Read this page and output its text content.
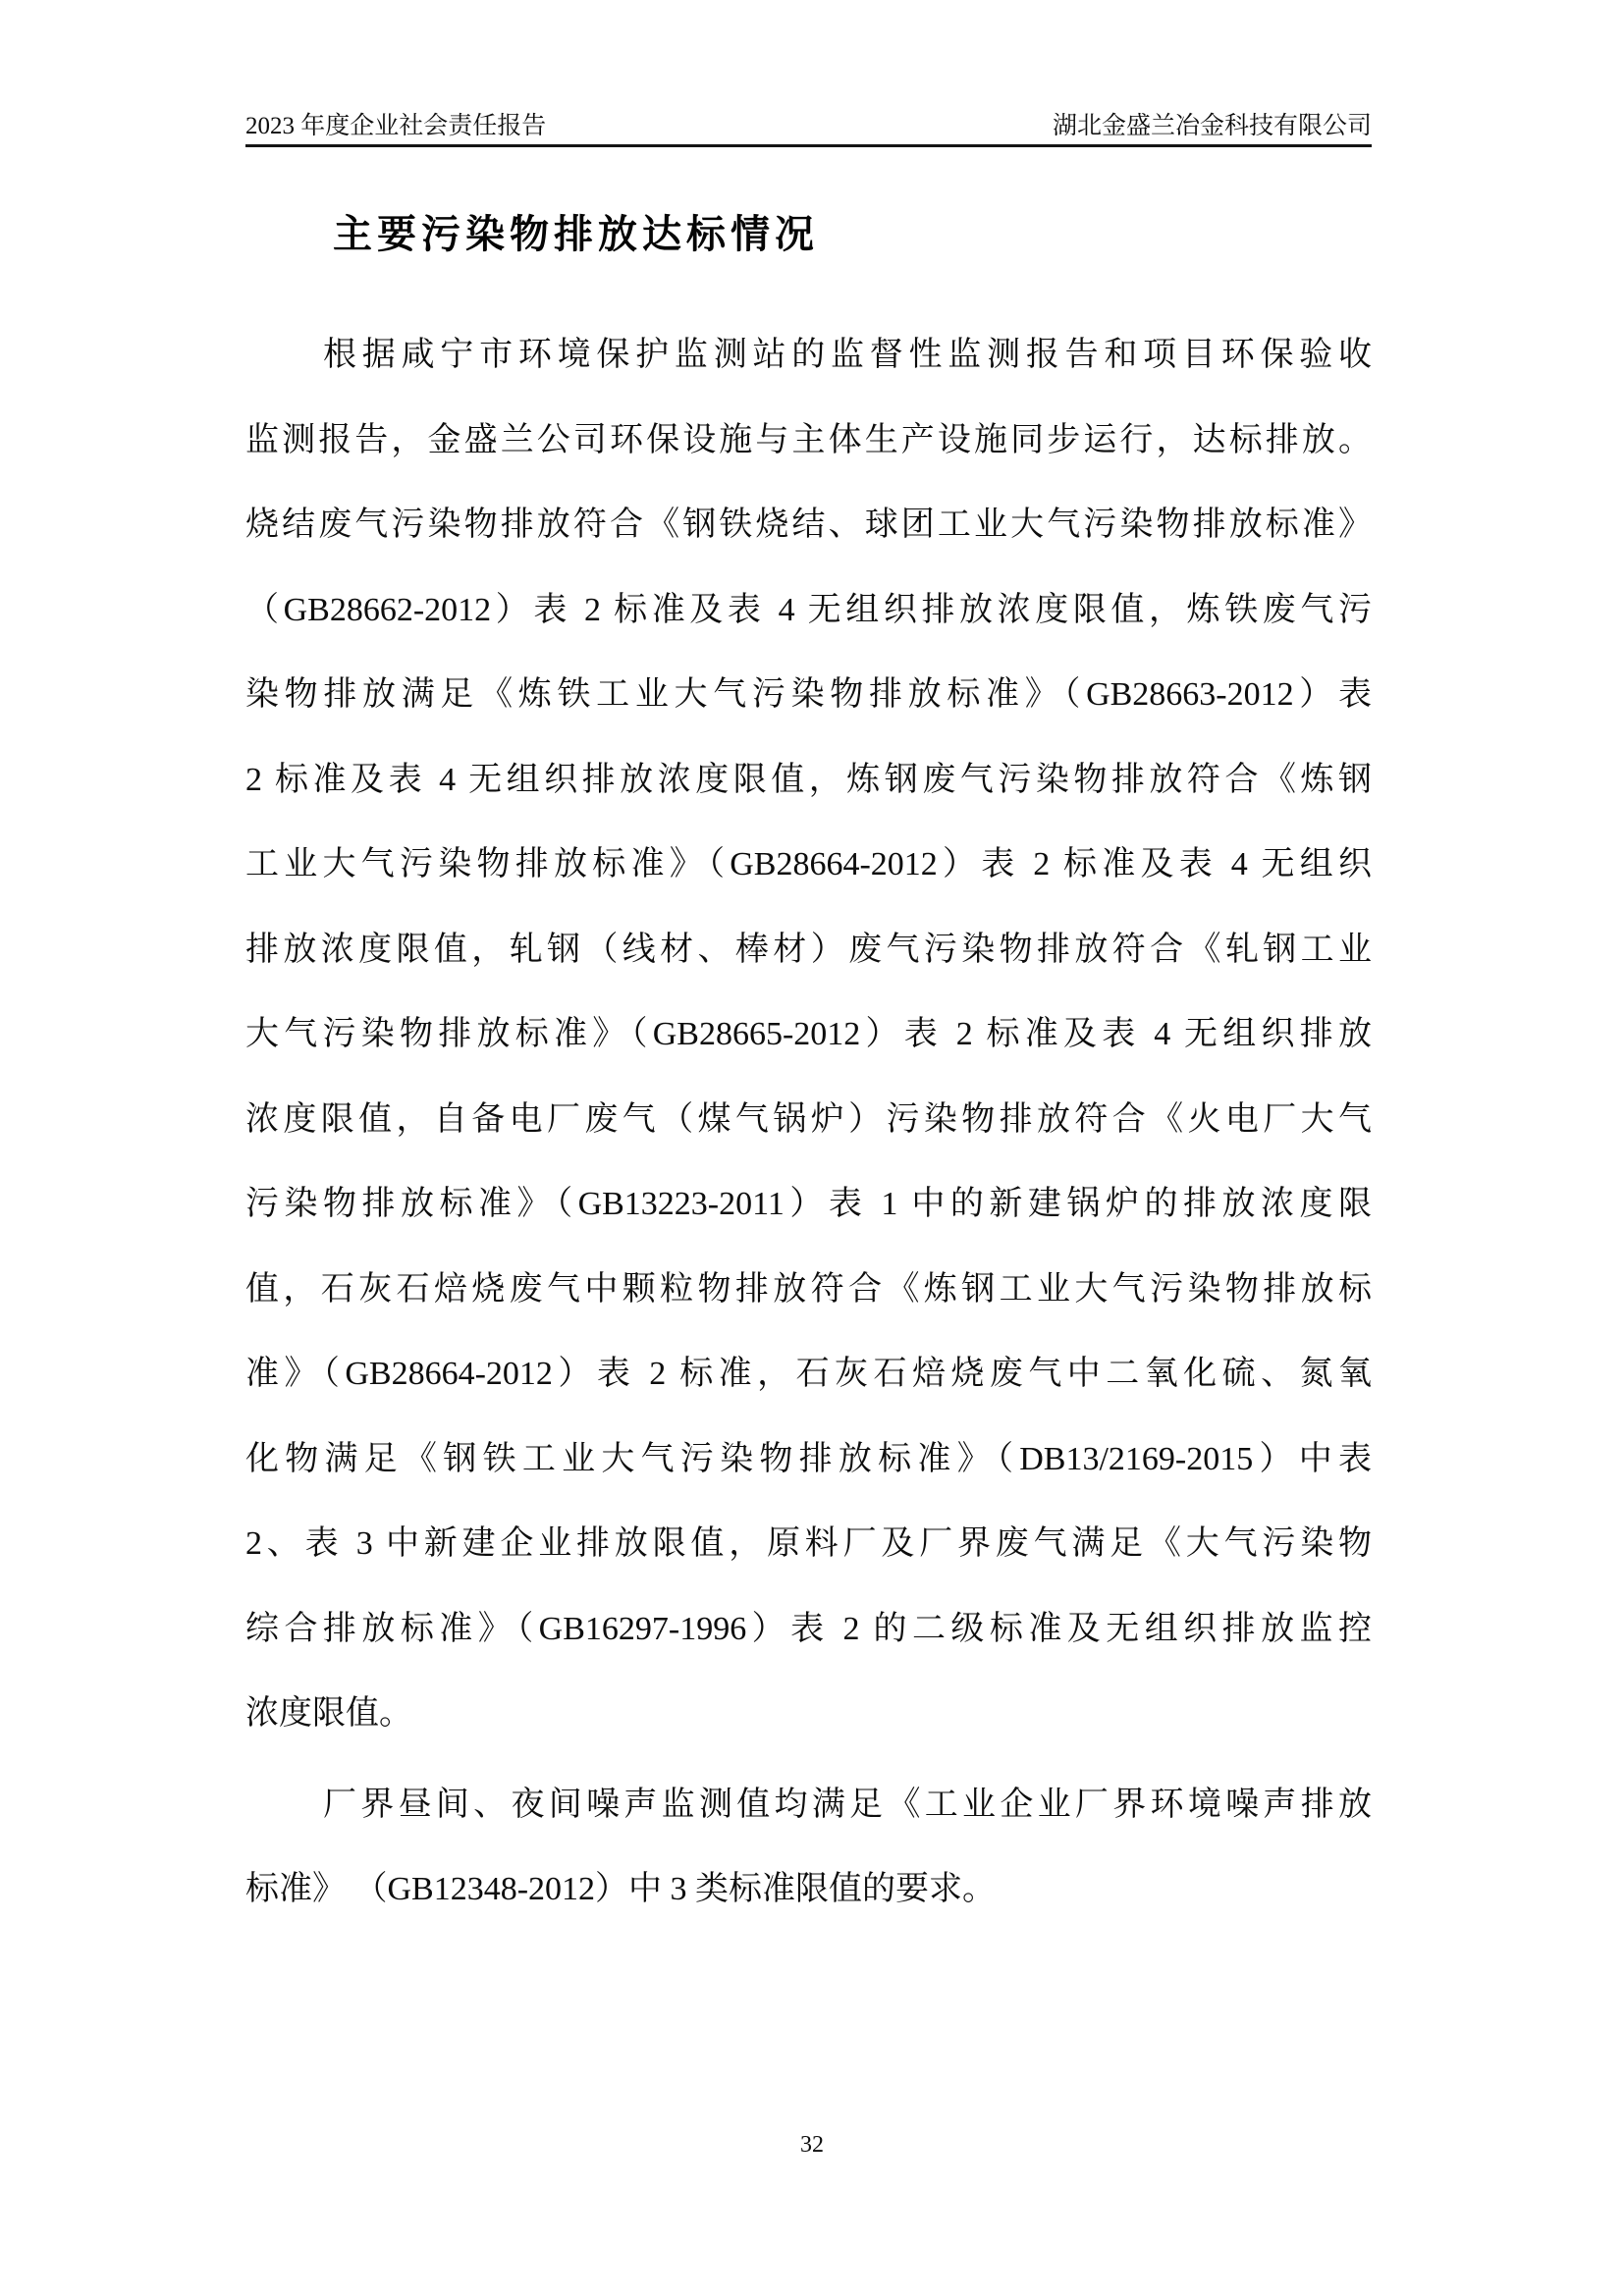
2023 年度企业社会责任报告	湖北金盛兰冶金科技有限公司
主要污染物排放达标情况
根据咸宁市环境保护监测站的监督性监测报告和项目环保验收
监测报告，金盛兰公司环保设施与主体生产设施同步运行，达标排放。
烧结废气污染物排放符合《钢铁烧结、球团工业大气污染物排放标准》
（GB28662-2012）表 2 标准及表 4 无组织排放浓度限值，炼铁废气污
染物排放满足《炼铁工业大气污染物排放标准》（GB28663-2012）表
2 标准及表 4 无组织排放浓度限值，炼钢废气污染物排放符合《炼钢
工业大气污染物排放标准》（GB28664-2012）表 2 标准及表 4 无组织
排放浓度限值，轧钢（线材、棒材）废气污染物排放符合《轧钢工业
大气污染物排放标准》（GB28665-2012）表 2 标准及表 4 无组织排放
浓度限值，自备电厂废气（煤气锅炉）污染物排放符合《火电厂大气
污染物排放标准》（GB13223-2011）表 1 中的新建锅炉的排放浓度限
值，石灰石焙烧废气中颗粒物排放符合《炼钢工业大气污染物排放标
准》（GB28664-2012）表 2 标准，石灰石焙烧废气中二氧化硫、氮氧
化物满足《钢铁工业大气污染物排放标准》（DB13/2169-2015）中表
2、表 3 中新建企业排放限值，原料厂及厂界废气满足《大气污染物
综合排放标准》（GB16297-1996）表 2 的二级标准及无组织排放监控
浓度限值。
厂界昼间、夜间噪声监测值均满足《工业企业厂界环境噪声排放
标准》 （GB12348-2012）中 3 类标准限值的要求。
32
